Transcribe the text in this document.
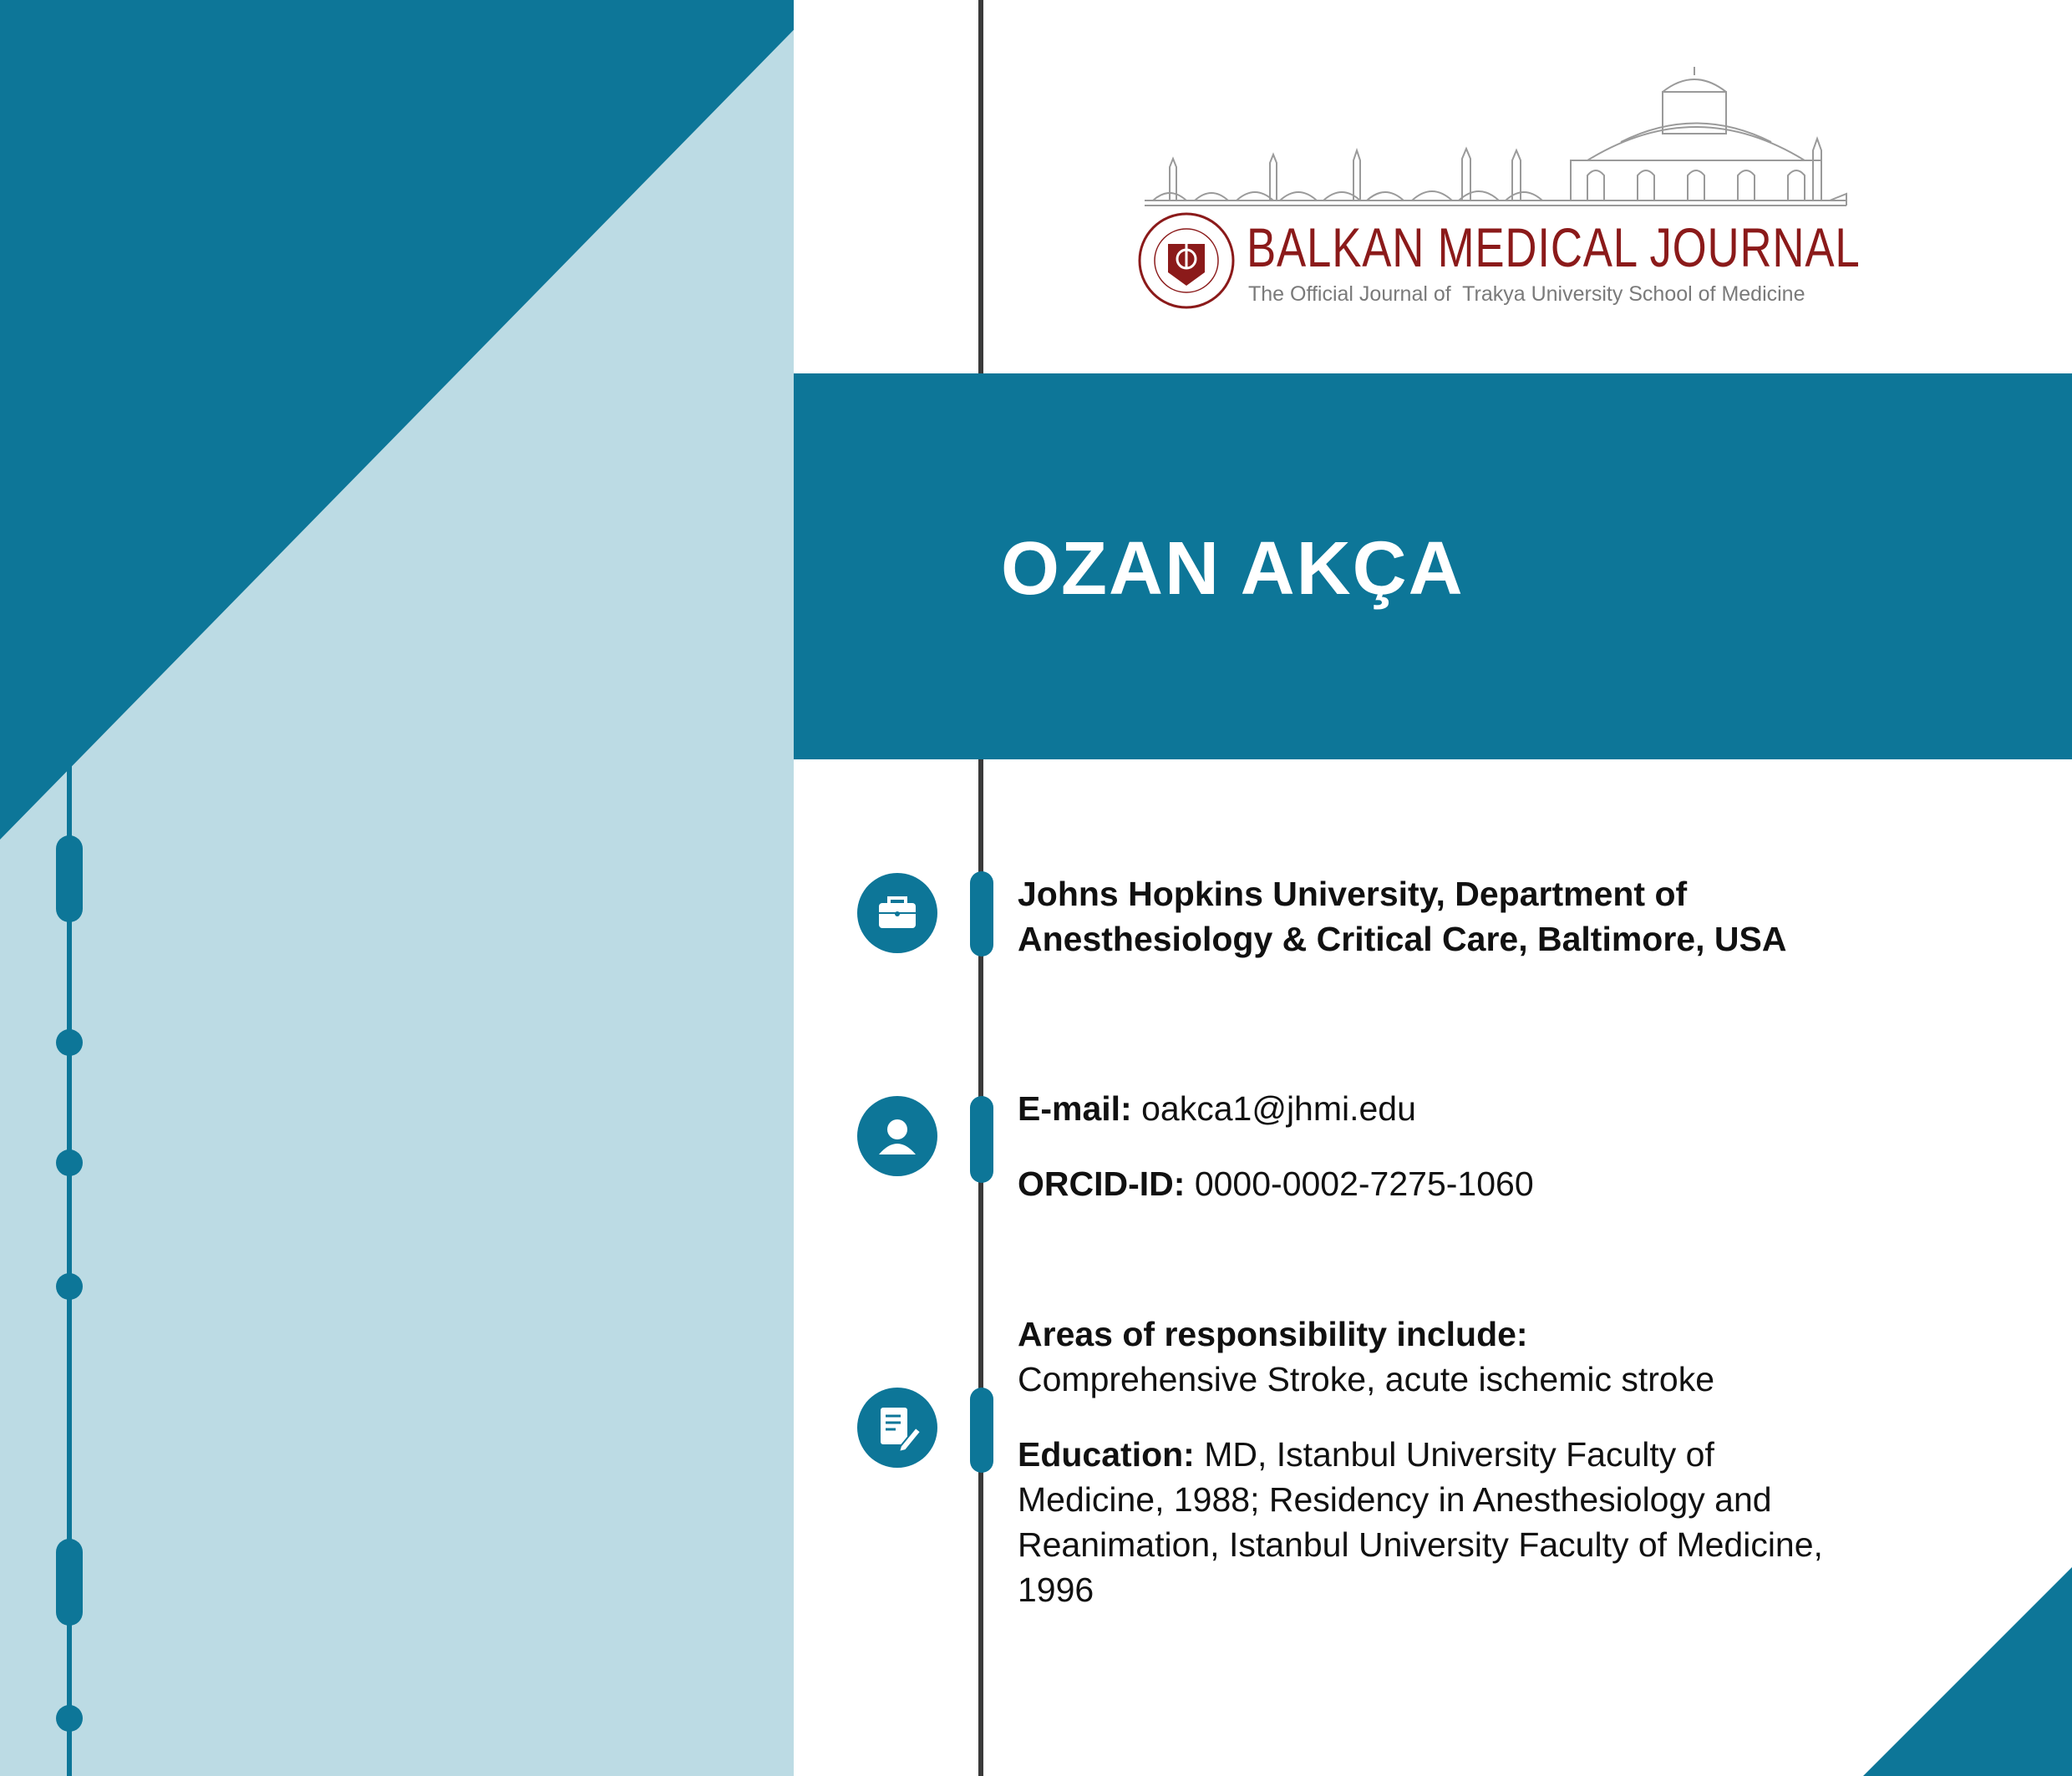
BALKAN MEDICAL JOURNAL
The Official Journal of  Trakya University School of Medicine
OZAN AKÇA
Johns Hopkins University, Department of
Anesthesiology & Critical Care, Baltimore, USA
E-mail: oakca1@jhmi.edu
ORCID-ID: 0000-0002-7275-1060
Areas of responsibility include:
Comprehensive Stroke, acute ischemic stroke
Education: MD, Istanbul University Faculty of Medicine, 1988; Residency in Anesthesiology and Reanimation, Istanbul University Faculty of Medicine, 1996
